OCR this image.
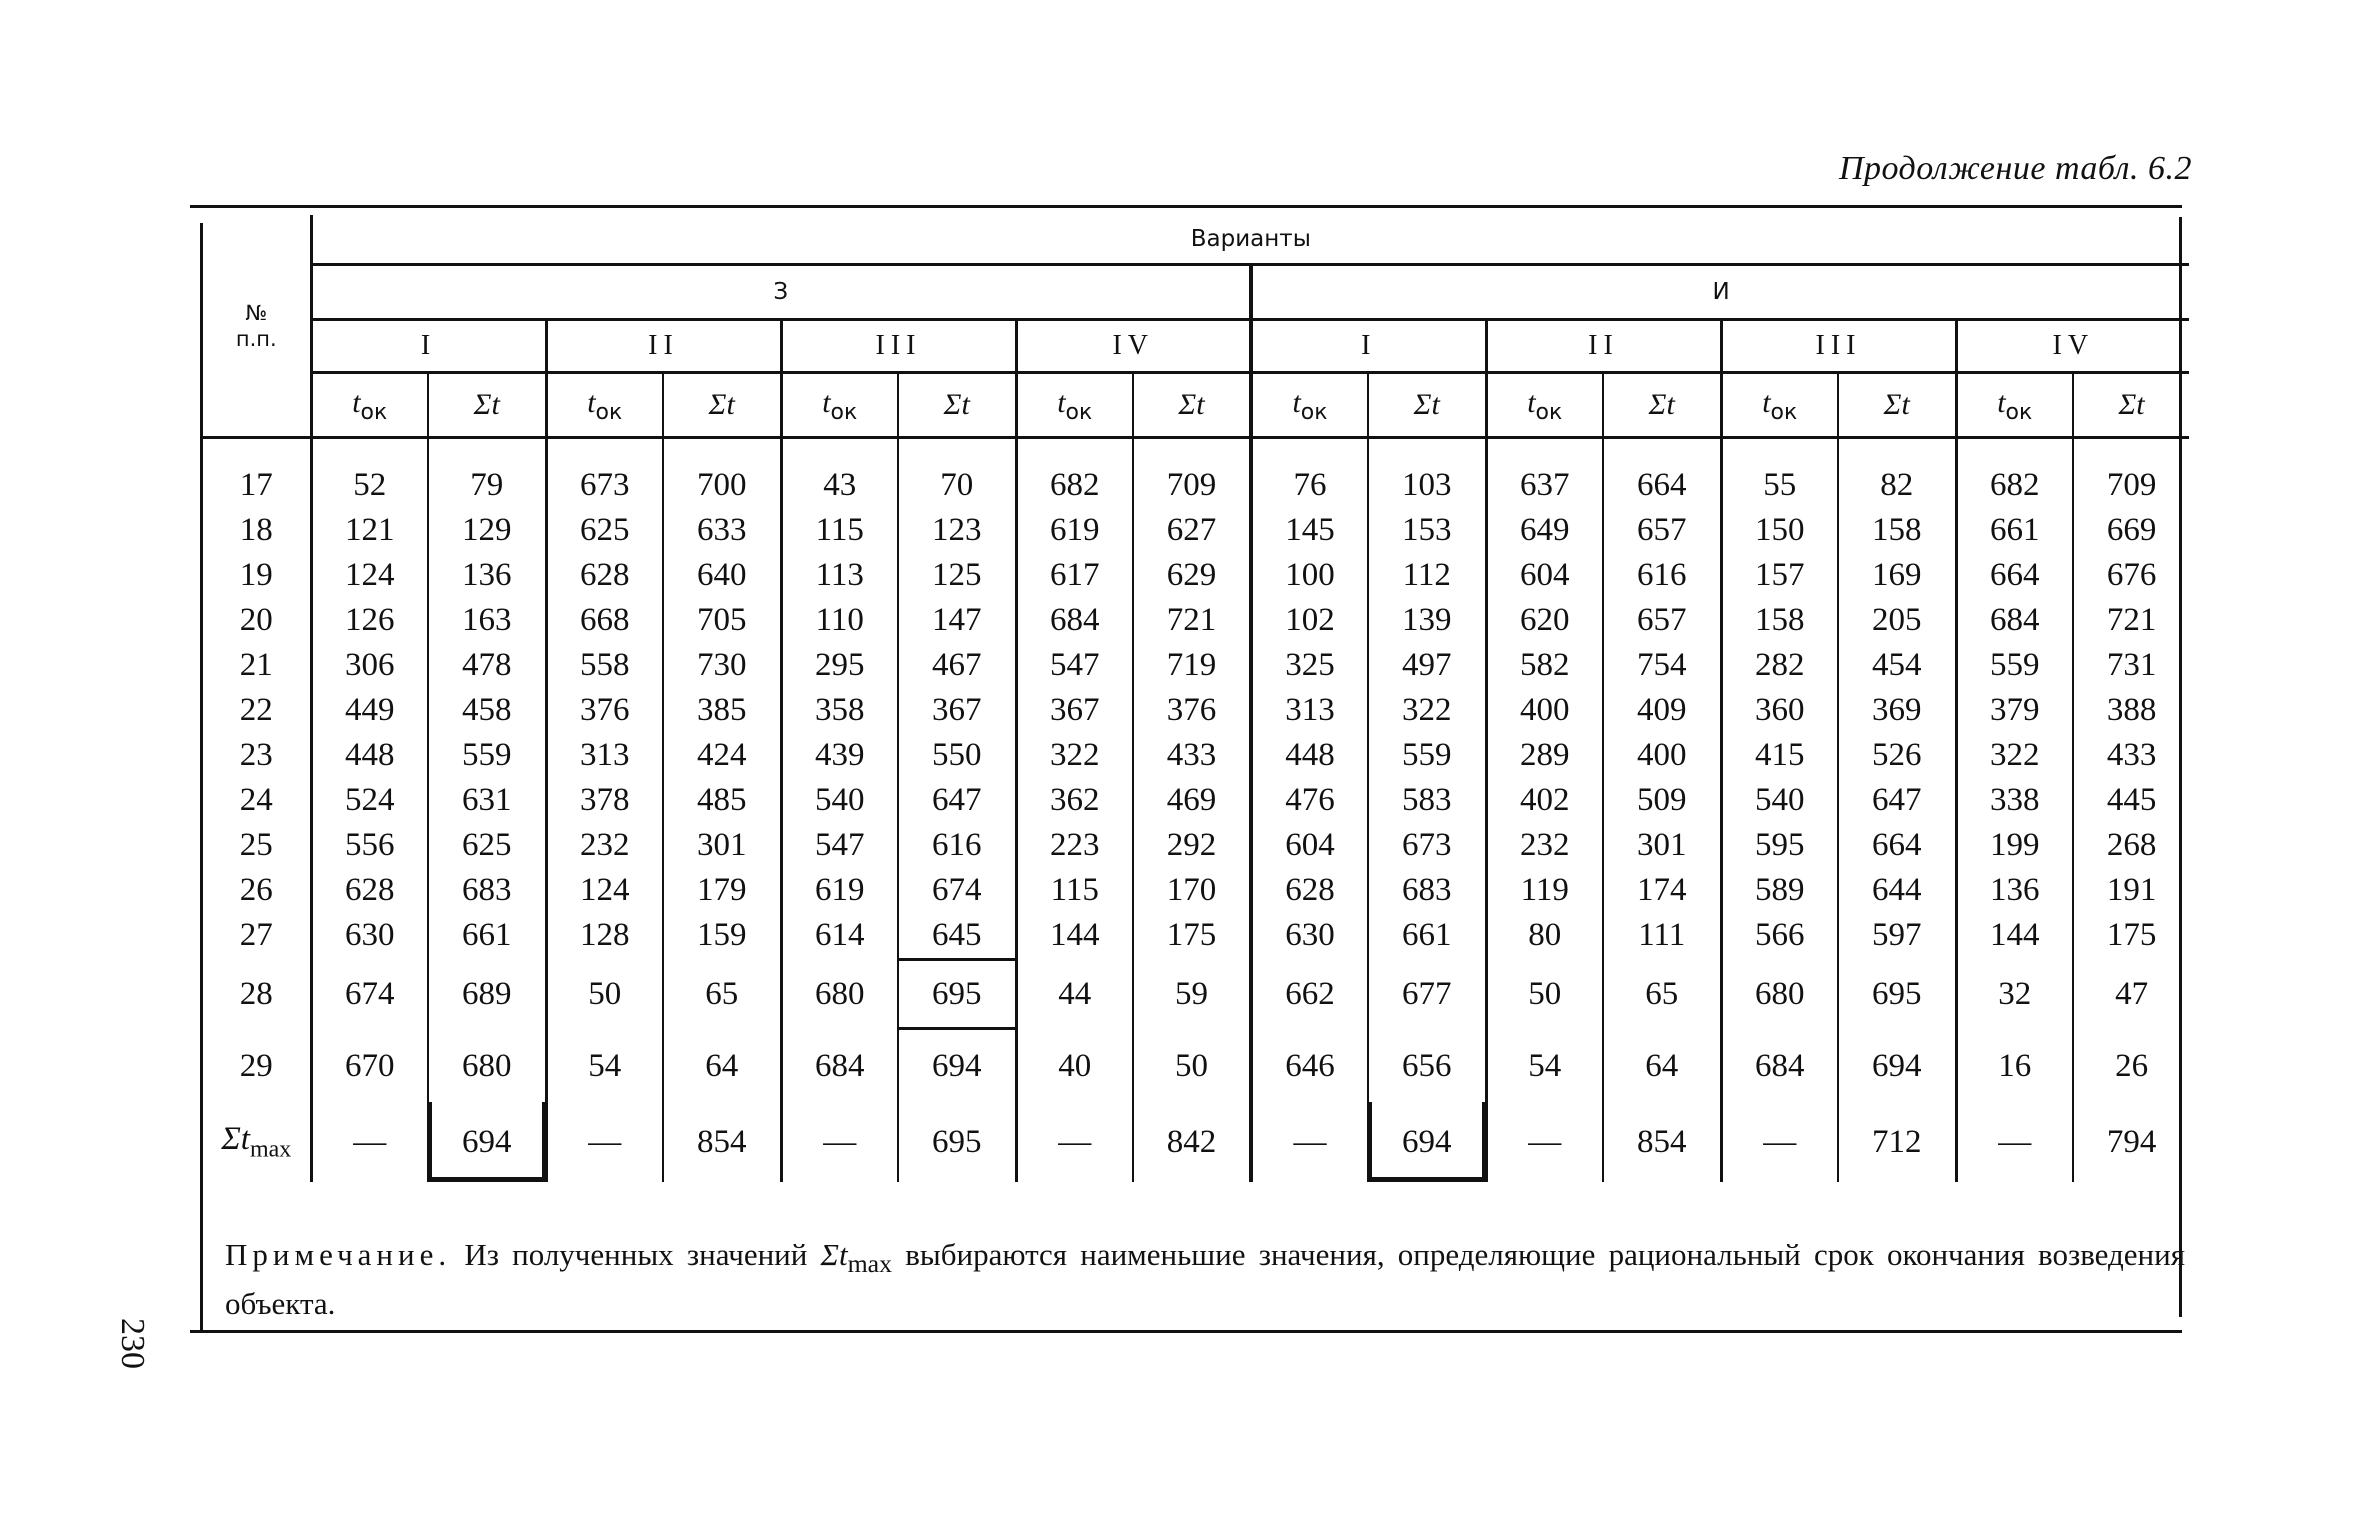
Продолжение табл. 6.2
№
п.п.	Варианты															
	З								И							
	I		II		III		IV		I		II		III		IV	
	$t_{ок}$	Σt	$t_{ок}$	Σt	$t_{ок}$	Σt	$t_{ок}$	Σt	$t_{ок}$	Σt	$t_{ок}$	Σt	$t_{ок}$	Σt	$t_{ок}$	Σt
17	52	79	673	700	43	70	682	709	76	103	637	664	55	82	682	709
18	121	129	625	633	115	123	619	627	145	153	649	657	150	158	661	669
19	124	136	628	640	113	125	617	629	100	112	604	616	157	169	664	676
20	126	163	668	705	110	147	684	721	102	139	620	657	158	205	684	721
21	306	478	558	730	295	467	547	719	325	497	582	754	282	454	559	731
22	449	458	376	385	358	367	367	376	313	322	400	409	360	369	379	388
23	448	559	313	424	439	550	322	433	448	559	289	400	415	526	322	433
24	524	631	378	485	540	647	362	469	476	583	402	509	540	647	338	445
25	556	625	232	301	547	616	223	292	604	673	232	301	595	664	199	268
26	628	683	124	179	619	674	115	170	628	683	119	174	589	644	136	191
27	630	661	128	159	614	645	144	175	630	661	80	111	566	597	144	175
28	674	689	50	65	680	695	44	59	662	677	50	65	680	695	32	47
29	670	680	54	64	684	694	40	50	646	656	54	64	684	694	16	26
$\Sigma t_{max}$	—	694	—	854	—	695	—	842	—	694	—	854	—	712	—	794
Примечание. Из полученных значений $\Sigma t_{max}$ выбираются наименьшие значения, определяющие рациональный срок окончания возведения объекта.
230
